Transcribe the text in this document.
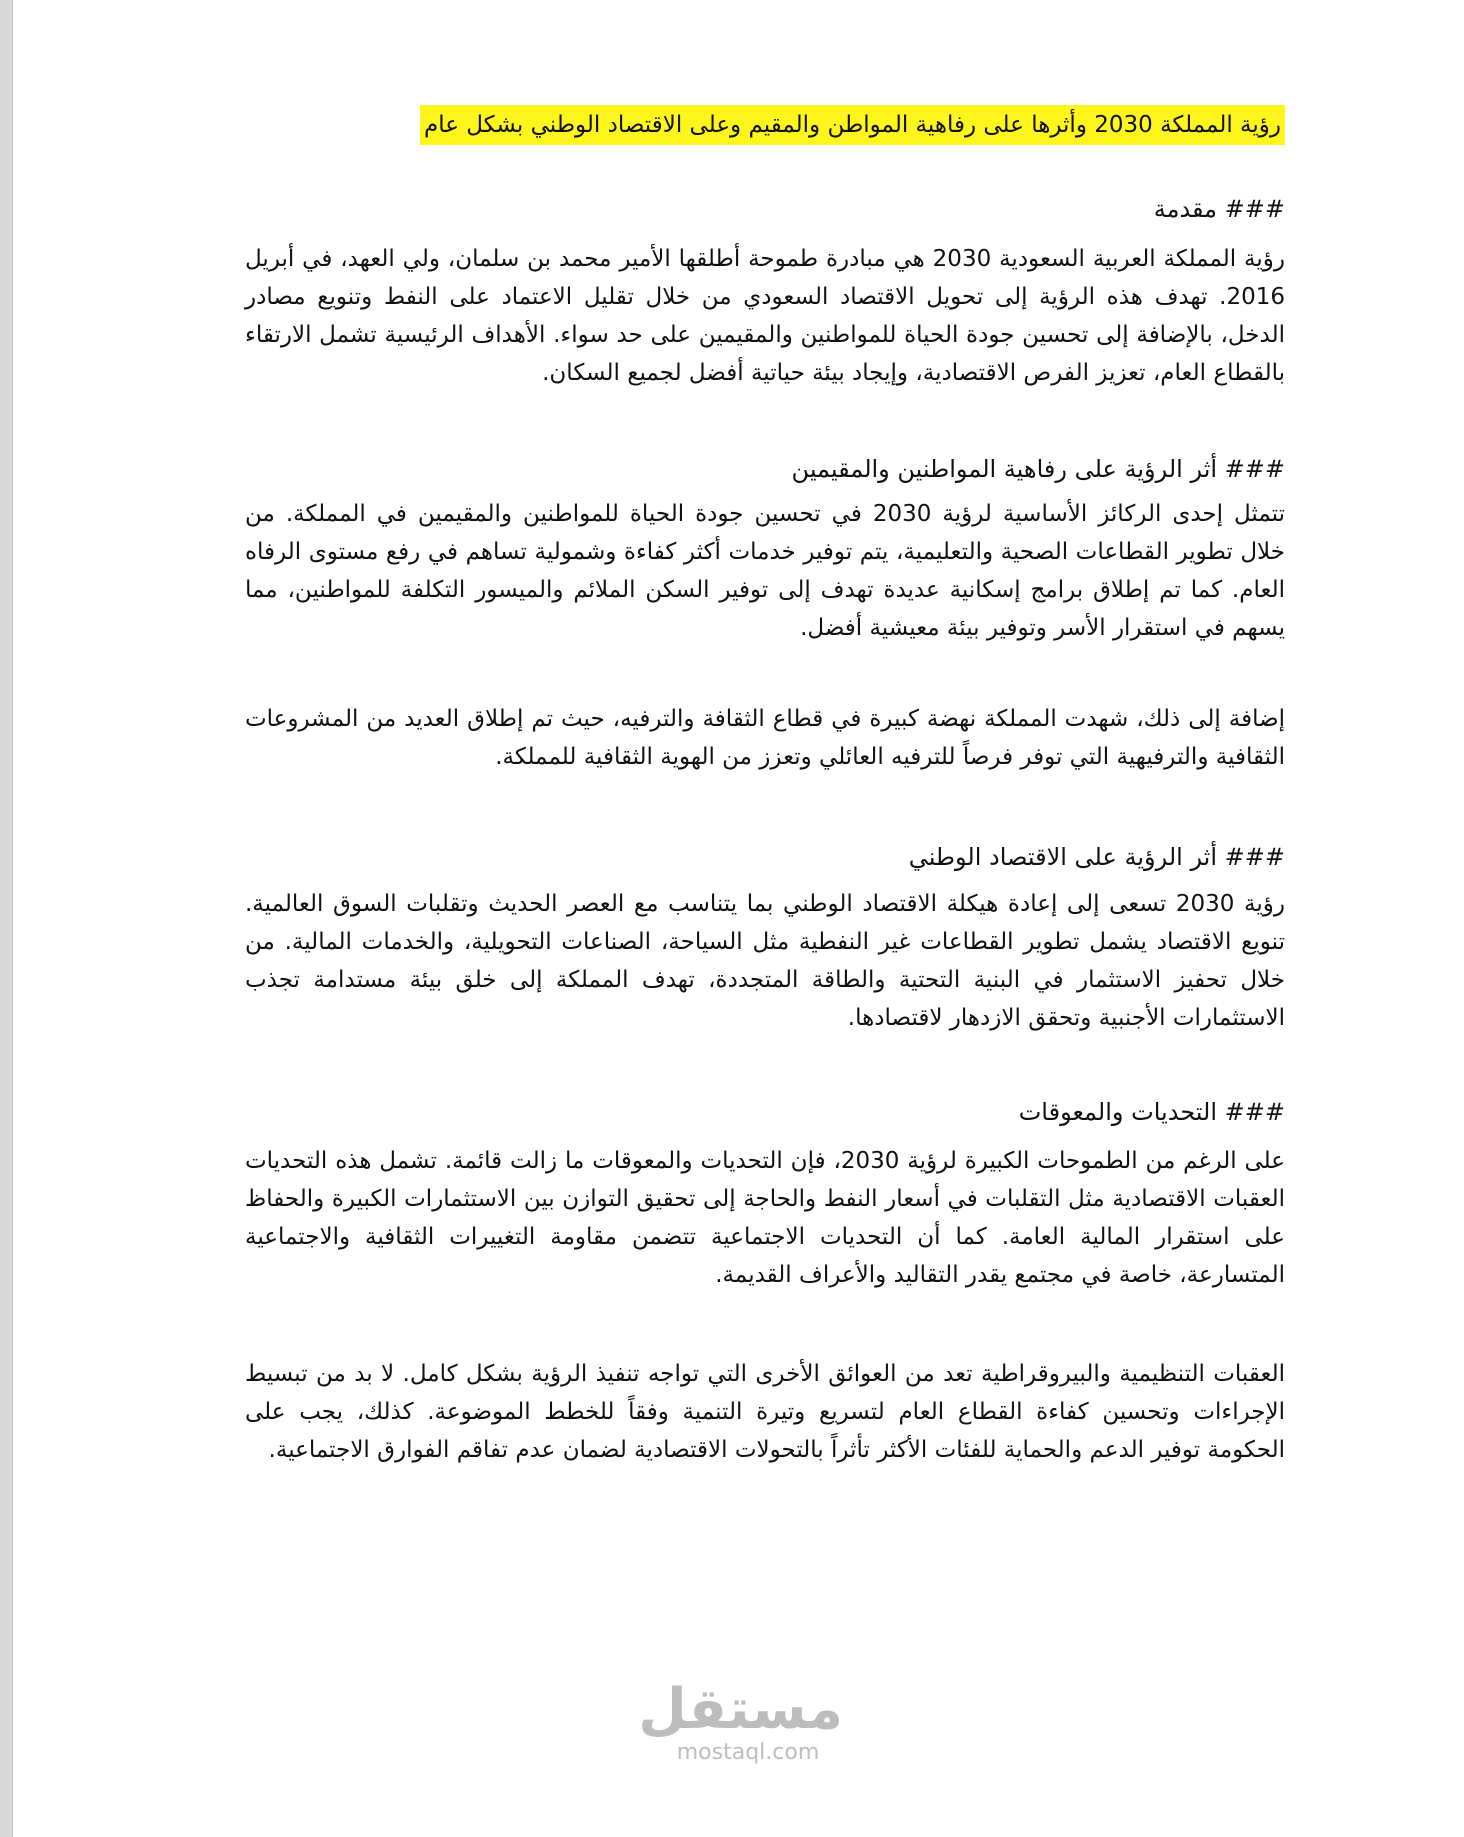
رؤية المملكة 2030 وأثرها على رفاهية المواطن والمقيم وعلى الاقتصاد الوطني بشكل عام
### مقدمة

رؤية المملكة العربية السعودية 2030 هي مبادرة طموحة أطلقها الأمير محمد بن سلمان، ولي العهد، في أبريل 2016. تهدف هذه الرؤية إلى تحويل الاقتصاد السعودي من خلال تقليل الاعتماد على النفط وتنويع مصادر الدخل، بالإضافة إلى تحسين جودة الحياة للمواطنين والمقيمين على حد سواء. الأهداف الرئيسية تشمل الارتقاء بالقطاع العام، تعزيز الفرص الاقتصادية، وإيجاد بيئة حياتية أفضل لجميع السكان.

### أثر الرؤية على رفاهية المواطنين والمقيمين

تتمثل إحدى الركائز الأساسية لرؤية 2030 في تحسين جودة الحياة للمواطنين والمقيمين في المملكة. من خلال تطوير القطاعات الصحية والتعليمية، يتم توفير خدمات أكثر كفاءة وشمولية تساهم في رفع مستوى الرفاه العام. كما تم إطلاق برامج إسكانية عديدة تهدف إلى توفير السكن الملائم والميسور التكلفة للمواطنين، مما يسهم في استقرار الأسر وتوفير بيئة معيشية أفضل.

إضافة إلى ذلك، شهدت المملكة نهضة كبيرة في قطاع الثقافة والترفيه، حيث تم إطلاق العديد من المشروعات الثقافية والترفيهية التي توفر فرصاً للترفيه العائلي وتعزز من الهوية الثقافية للمملكة.

### أثر الرؤية على الاقتصاد الوطني

رؤية 2030 تسعى إلى إعادة هيكلة الاقتصاد الوطني بما يتناسب مع العصر الحديث وتقلبات السوق العالمية. تنويع الاقتصاد يشمل تطوير القطاعات غير النفطية مثل السياحة، الصناعات التحويلية، والخدمات المالية. من خلال تحفيز الاستثمار في البنية التحتية والطاقة المتجددة، تهدف المملكة إلى خلق بيئة مستدامة تجذب الاستثمارات الأجنبية وتحقق الازدهار لاقتصادها.

### التحديات والمعوقات

على الرغم من الطموحات الكبيرة لرؤية 2030، فإن التحديات والمعوقات ما زالت قائمة. تشمل هذه التحديات العقبات الاقتصادية مثل التقلبات في أسعار النفط والحاجة إلى تحقيق التوازن بين الاستثمارات الكبيرة والحفاظ على استقرار المالية العامة. كما أن التحديات الاجتماعية تتضمن مقاومة التغييرات الثقافية والاجتماعية المتسارعة، خاصة في مجتمع يقدر التقاليد والأعراف القديمة.

العقبات التنظيمية والبيروقراطية تعد من العوائق الأخرى التي تواجه تنفيذ الرؤية بشكل كامل. لا بد من تبسيط الإجراءات وتحسين كفاءة القطاع العام لتسريع وتيرة التنمية وفقاً للخطط الموضوعة. كذلك، يجب على الحكومة توفير الدعم والحماية للفئات الأكثر تأثراً بالتحولات الاقتصادية لضمان عدم تفاقم الفوارق الاجتماعية.

مستقل
mostaql.com
